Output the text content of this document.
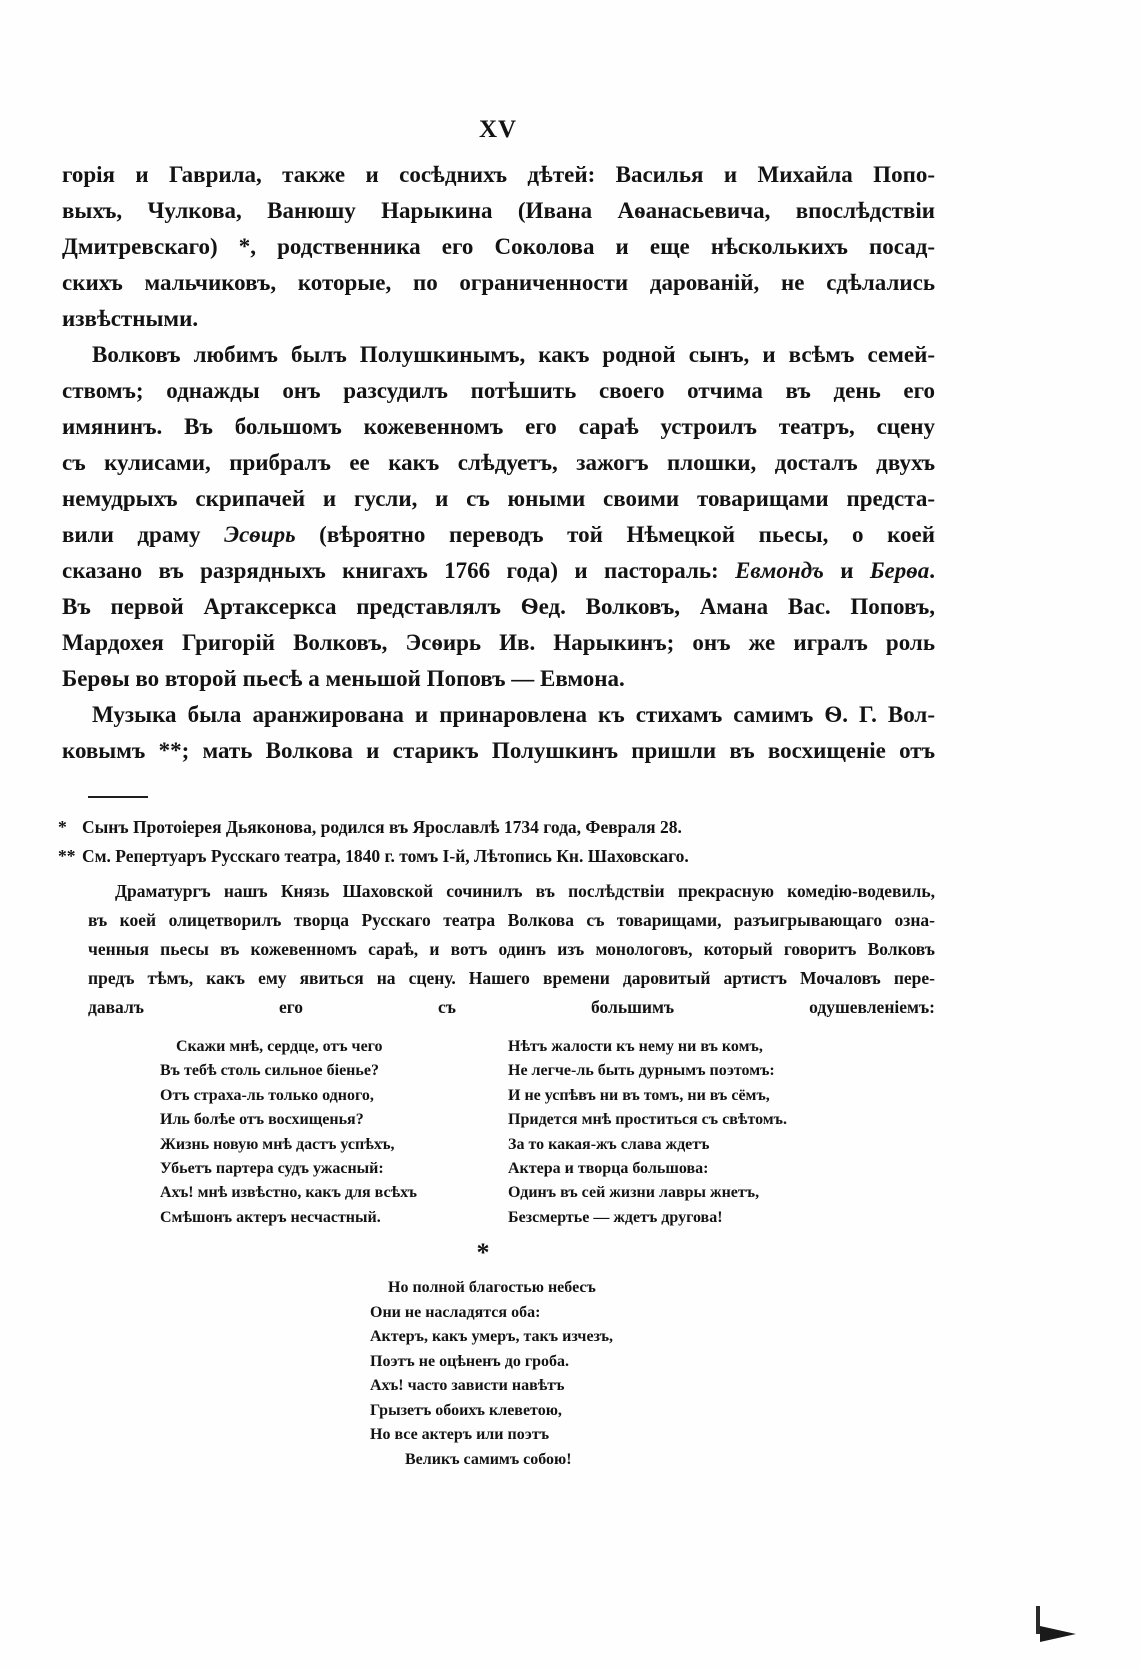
XV
горія и Гаврила, также и сосѣднихъ дѣтей: Василья и Михайла Попо-
выхъ, Чулкова, Ванюшу Нарыкина (Ивана Аѳанасьевича, впослѣдствіи
Дмитревскаго) *, родственника его Соколова и еще нѣсколькихъ посад-
скихъ мальчиковъ, которые, по ограниченности дарованій, не сдѣлались
извѣстными.
Волковъ любимъ былъ Полушкинымъ, какъ родной сынъ, и всѣмъ семей-
ствомъ; однажды онъ разсудилъ потѣшить своего отчима въ день его
имянинъ. Въ большомъ кожевенномъ его сараѣ устроилъ театръ, сцену
съ кулисами, прибралъ ее какъ слѣдуетъ, зажогъ плошки, досталъ двухъ
немудрыхъ скрипачей и гусли, и съ юными своими товарищами предста-
вили драму Эсѳирь (вѣроятно переводъ той Нѣмецкой пьесы, о коей
сказано въ разрядныхъ книгахъ 1766 года) и пастораль: Евмондъ и Берѳа.
Въ первой Артаксеркса представлялъ Ѳед. Волковъ, Амана Вас. Поповъ,
Мардохея Григорій Волковъ, Эсѳирь Ив. Нарыкинъ; онъ же игралъ роль
Берѳы во второй пьесѣ а меньшой Поповъ — Евмона.
Музыка была аранжирована и принаровлена къ стихамъ самимъ Ѳ. Г. Вол-
ковымъ **; мать Волкова и старикъ Полушкинъ пришли въ восхищеніе отъ
* Сынъ Протоіерея Дьяконова, родился въ Ярославлѣ 1734 года, Февраля 28.
** См. Репертуаръ Русскаго театра, 1840 г. томъ І-й, Лѣтопись Кн. Шаховскаго.
Драматургъ нашъ Князь Шаховской сочинилъ въ послѣдствіи прекрасную комедію-водевиль,
въ коей олицетворилъ творца Русскаго театра Волкова съ товарищами, разъигрывающаго озна-
ченныя пьесы въ кожевенномъ сараѣ, и вотъ одинъ изъ монологовъ, который говоритъ Волковъ
предъ тѣмъ, какъ ему явиться на сцену. Нашего времени даровитый артистъ Мочаловъ пере-
давалъ его съ большимъ одушевленіемъ:
Скажи мнѣ, сердце, отъ чего
Въ тебѣ столь сильное біенье?
Отъ страха-ль только одного,
Иль болѣе отъ восхищенья?
Жизнь новую мнѣ дастъ успѣхъ,
Убьетъ партера судъ ужасный:
Ахъ! мнѣ извѣстно, какъ для всѣхъ
Смѣшонъ актеръ несчастный.
Нѣтъ жалости къ нему ни въ комъ,
Не легче-ль быть дурнымъ поэтомъ:
И не успѣвъ ни въ томъ, ни въ сёмъ,
Придется мнѣ проститься съ свѣтомъ.
За то какая-жъ слава ждетъ
Актера и творца большова:
Одинъ въ сей жизни лавры жнетъ,
Безсмертье — ждетъ другова!
*
Но полной благостью небесъ
Они не насладятся оба:
Актеръ, какъ умеръ, такъ изчезъ,
Поэтъ не оцѣненъ до гроба.
Ахъ! часто зависти навѣтъ
Грызетъ обоихъ клеветою,
Но все актеръ или поэтъ
Великъ самимъ собою!
